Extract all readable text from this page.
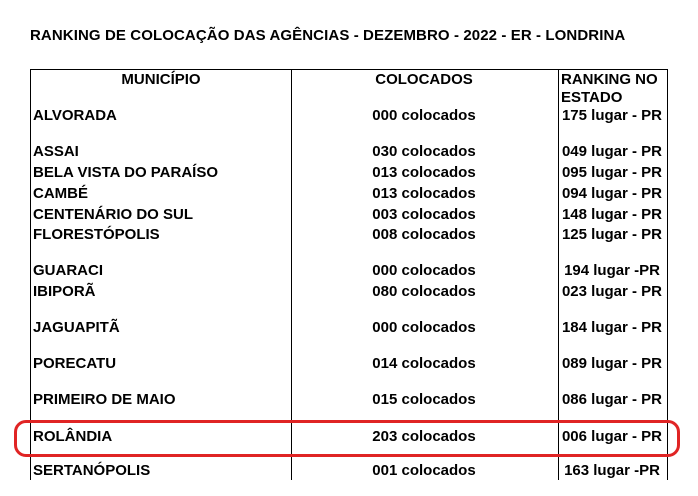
RANKING DE COLOCAÇÃO DAS AGÊNCIAS - DEZEMBRO - 2022 - ER - LONDRINA
MUNICÍPIO	COLOCADOS	RANKING NO ESTADO
ALVORADA	000 colocados	175 lugar - PR
ASSAI	030 colocados	049 lugar - PR
BELA VISTA DO PARAÍSO	013 colocados	095 lugar - PR
CAMBÉ	013 colocados	094 lugar - PR
CENTENÁRIO DO SUL	003 colocados	148 lugar - PR
FLORESTÓPOLIS	008 colocados	125 lugar - PR
GUARACI	000 colocados	194 lugar -PR
IBIPORÃ	080 colocados	023 lugar - PR
JAGUAPITÃ	000 colocados	184 lugar - PR
PORECATU	014 colocados	089 lugar - PR
PRIMEIRO DE MAIO	015 colocados	086 lugar - PR
ROLÂNDIA	203 colocados	006 lugar - PR
SERTANÓPOLIS	001 colocados	163 lugar -PR
